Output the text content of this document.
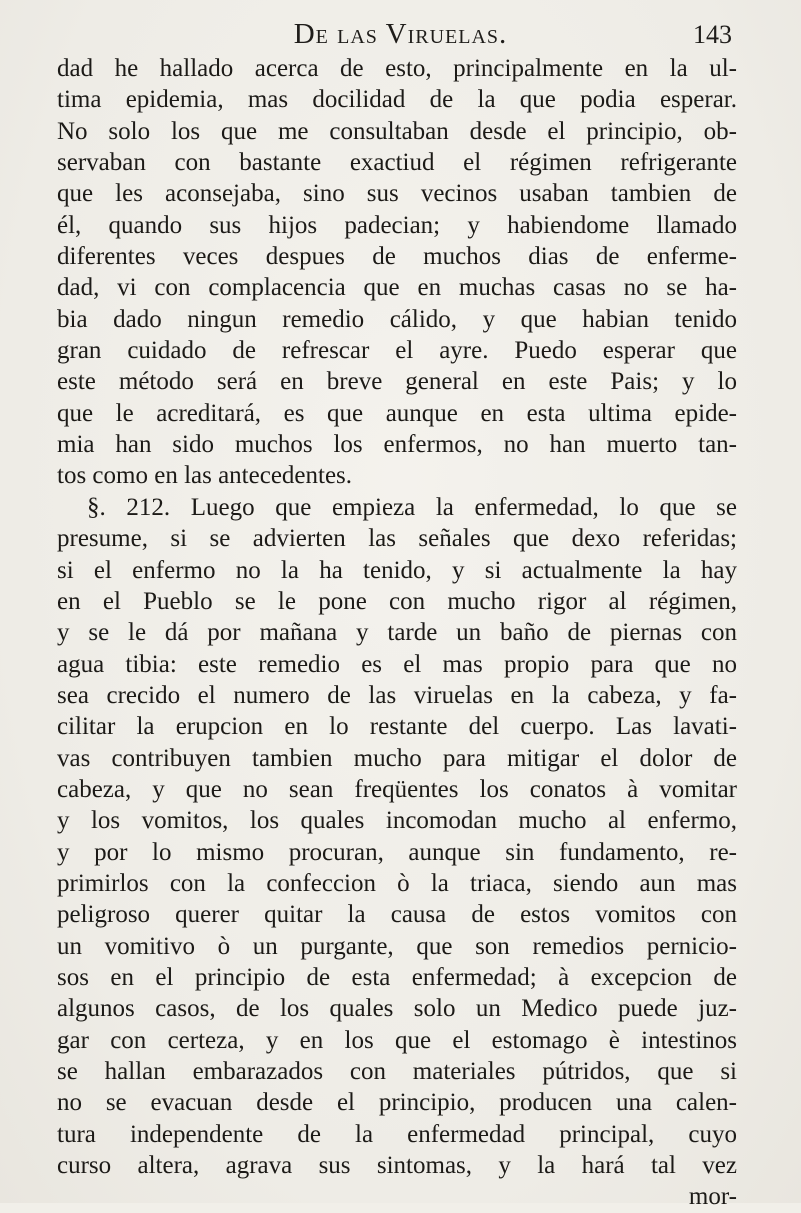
De las Viruelas.	143
dad he hallado acerca de esto, principalmente en la ul-
tima epidemia, mas docilidad de la que podia esperar.
No solo los que me consultaban desde el principio, ob-
servaban con bastante exactiud el régimen refrigerante
que les aconsejaba, sino sus vecinos usaban tambien de
él, quando sus hijos padecian; y habiendome llamado
diferentes veces despues de muchos dias de enferme-
dad, vi con complacencia que en muchas casas no se ha-
bia dado ningun remedio cálido, y que habian tenido
gran cuidado de refrescar el ayre. Puedo esperar que
este método será en breve general en este Pais; y lo
que le acreditará, es que aunque en esta ultima epide-
mia han sido muchos los enfermos, no han muerto tan-
tos como en las antecedentes.
§. 212. Luego que empieza la enfermedad, lo que se
presume, si se advierten las señales que dexo referidas;
si el enfermo no la ha tenido, y si actualmente la hay
en el Pueblo se le pone con mucho rigor al régimen,
y se le dá por mañana y tarde un baño de piernas con
agua tibia: este remedio es el mas propio para que no
sea crecido el numero de las viruelas en la cabeza, y fa-
cilitar la erupcion en lo restante del cuerpo. Las lavati-
vas contribuyen tambien mucho para mitigar el dolor de
cabeza, y que no sean freqüentes los conatos à vomitar
y los vomitos, los quales incomodan mucho al enfermo,
y por lo mismo procuran, aunque sin fundamento, re-
primirlos con la confeccion ò la triaca, siendo aun mas
peligroso querer quitar la causa de estos vomitos con
un vomitivo ò un purgante, que son remedios pernicio-
sos en el principio de esta enfermedad; à excepcion de
algunos casos, de los quales solo un Medico puede juz-
gar con certeza, y en los que el estomago è intestinos
se hallan embarazados con materiales pútridos, que si
no se evacuan desde el principio, producen una calen-
tura independente de la enfermedad principal, cuyo
curso altera, agrava sus sintomas, y la hará tal vez
mor-
